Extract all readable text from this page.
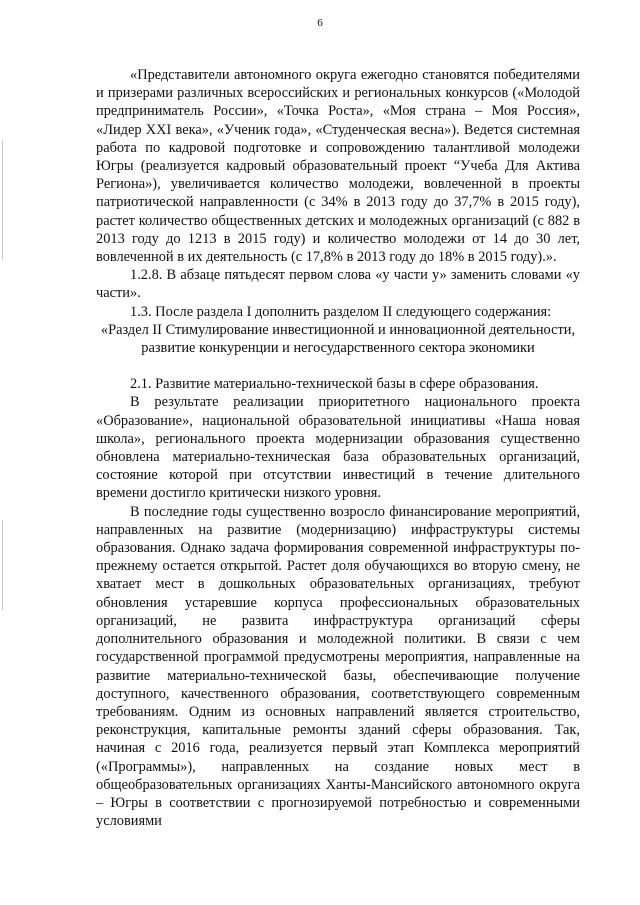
6

«Представители автономного округа ежегодно становятся победителями и призерами различных всероссийских и региональных конкурсов («Молодой предприниматель России», «Точка Роста», «Моя страна – Моя Россия», «Лидер XXI века», «Ученик года», «Студенческая весна»). Ведется системная работа по кадровой подготовке и сопровождению талантливой молодежи Югры (реализуется кадровый образовательный проект “Учеба Для Актива Региона»), увеличивается количество молодежи, вовлеченной в проекты патриотической направленности (с 34% в 2013 году до 37,7% в 2015 году), растет количество общественных детских и молодежных организаций (с 882 в 2013 году до 1213 в 2015 году) и количество молодежи от 14 до 30 лет, вовлеченной в их деятельность (с 17,8% в 2013 году до 18% в 2015 году).».

1.2.8. В абзаце пятьдесят первом слова «у части у» заменить словами «у части».

1.3. После раздела I дополнить разделом II следующего содержания:

«Раздел II Стимулирование инвестиционной и инновационной деятельности, развитие конкуренции и негосударственного сектора экономики

2.1. Развитие материально-технической базы в сфере образования.

В результате реализации приоритетного национального проекта «Образование», национальной образовательной инициативы «Наша новая школа», регионального проекта модернизации образования существенно обновлена материально-техническая база образовательных организаций, состояние которой при отсутствии инвестиций в течение длительного времени достигло критически низкого уровня.

В последние годы существенно возросло финансирование мероприятий, направленных на развитие (модернизацию) инфраструктуры системы образования. Однако задача формирования современной инфраструктуры по-прежнему остается открытой. Растет доля обучающихся во вторую смену, не хватает мест в дошкольных образовательных организациях, требуют обновления устаревшие корпуса профессиональных образовательных организаций, не развита инфраструктура организаций сферы дополнительного образования и молодежной политики. В связи с чем государственной программой предусмотрены мероприятия, направленные на развитие материально-технической базы, обеспечивающие получение доступного, качественного образования, соответствующего современным требованиям. Одним из основных направлений является строительство, реконструкция, капитальные ремонты зданий сферы образования. Так, начиная с 2016 года, реализуется первый этап Комплекса мероприятий («Программы»), направленных на создание новых мест в общеобразовательных организациях Ханты-Мансийского автономного округа – Югры в соответствии с прогнозируемой потребностью и современными условиями
